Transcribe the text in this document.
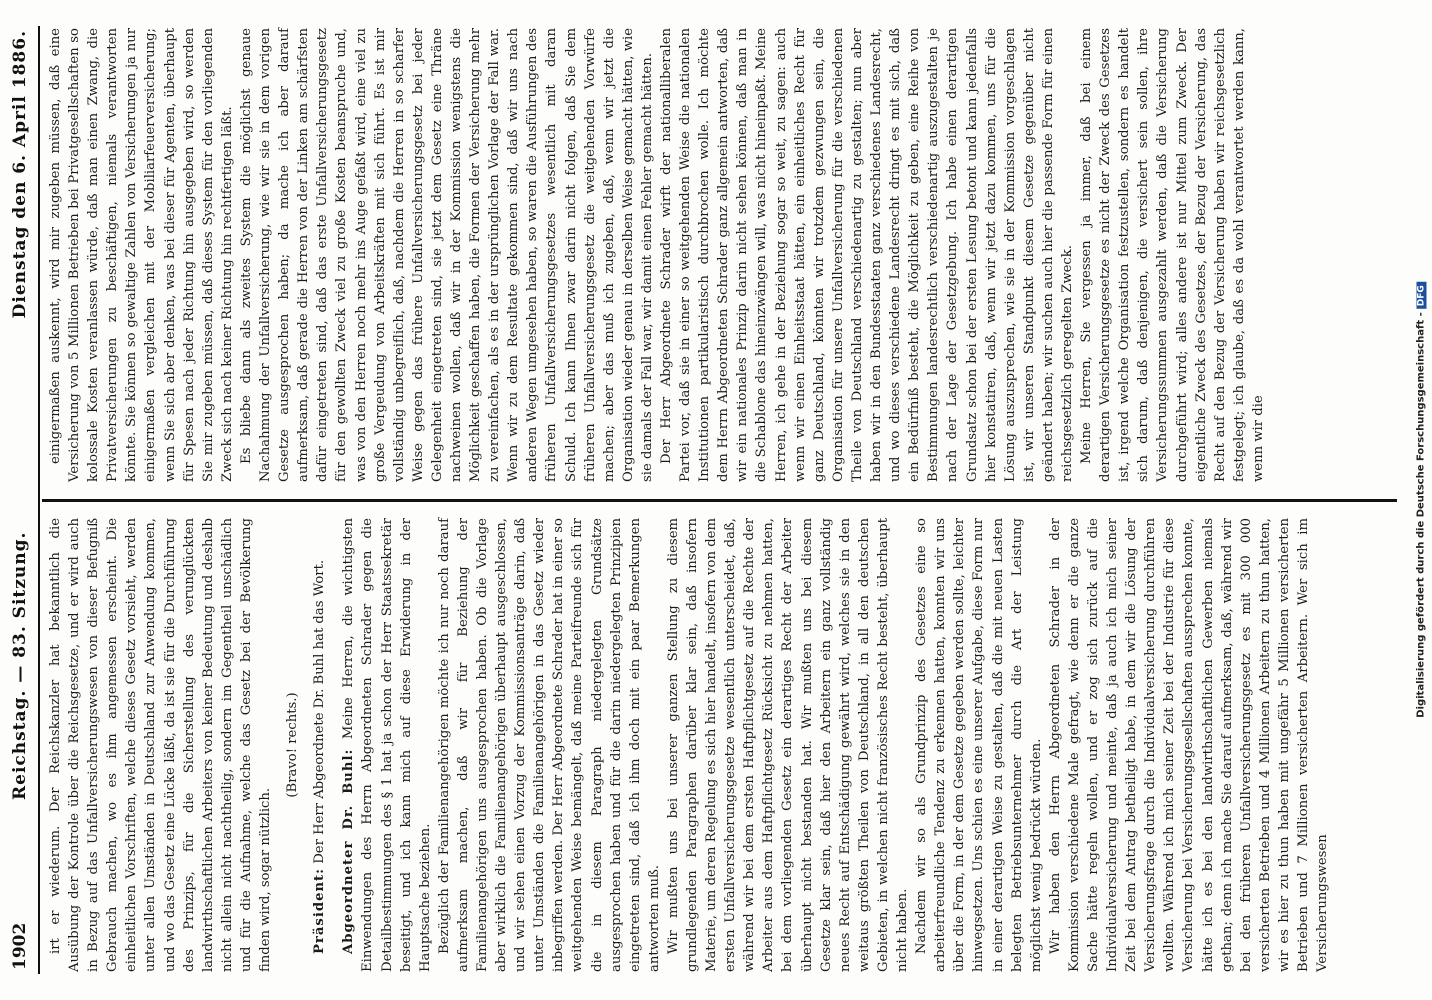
1902
Reichstag. — 83. Sitzung.
Dienstag den 6. April 1886.

irt er wiederum. Der Reichskanzler hat bekanntlich die Ausübung der Kontrole über die Reichsgesetze, und er wird auch in Bezug auf das Unfallversicherungswesen von dieser Befugniß Gebrauch machen, wo es ihm angemessen erscheint. Die einheitlichen Vorschriften, welche dieses Gesetz vorsieht, werden unter allen Umständen in Deutschland zur Anwendung kommen, und wo das Gesetz eine Lücke läßt, da ist sie für die Durchführung des Prinzips, für die Sicherstellung des verunglückten landwirthschaftlichen Arbeiters von keiner Bedeutung und deshalb nicht allein nicht nachtheilig, sondern im Gegentheil unschädlich und für die Aufnahme, welche das Gesetz bei der Bevölkerung finden wird, sogar nützlich.

(Bravo! rechts.)

Präsident: Der Herr Abgeordnete Dr. Buhl hat das Wort. Abgeordneter Dr. Buhl: Meine Herren, die wichtigsten Einwendungen des Herrn Abgeordneten Schrader gegen die Detailbestimmungen des § 1 hat ja schon der Herr Staatssekretär beseitigt, und ich kann mich auf diese Erwiderung in der Hauptsache beziehen. Bezüglich der Familienangehörigen möchte ich nur noch darauf aufmerksam machen, daß wir für Beziehung der Familienangehörigen uns ausgesprochen haben. Ob die Vorlage aber wirklich die Familienangehörigen überhaupt ausgeschlossen, und wir sehen einen Vorzug der Kommissionsanträge darin, daß unter Umständen die Familienangehörigen in das Gesetz wieder inbegriffen werden. Der Herr Abgeordnete Schrader hat in einer so weitgehenden Weise bemängelt, daß meine Parteifreunde sich für die in diesem Paragraph niedergelegten Grundsätze ausgesprochen haben und für die darin niedergelegten Prinzipien eingetreten sind, daß ich ihm doch mit ein paar Bemerkungen antworten muß. Wir mußten uns bei unserer ganzen Stellung zu diesem grundlegenden Paragraphen darüber klar sein, daß insofern Materie, um deren Regelung es sich hier handelt, insofern von dem ersten Unfallversicherungsgesetze wesentlich unterscheidet, daß, während wir bei dem ersten Haftpflichtgesetz auf die Rechte der Arbeiter aus dem Haftpflichtgesetz Rücksicht zu nehmen hatten, bei dem vorliegenden Gesetz ein derartiges Recht der Arbeiter überhaupt nicht bestanden hat. Wir mußten uns bei diesem Gesetze klar sein, daß hier den Arbeitern ein ganz vollständig neues Recht auf Entschädigung gewährt wird, welches sie in den weitaus größten Theilen von Deutschland, in all den deutschen Gebieten, in welchen nicht französisches Recht besteht, überhaupt nicht haben. Nachdem wir so als Grundprinzip des Gesetzes eine so arbeiterfreundliche Tendenz zu erkennen hatten, konnten wir uns über die Form, in der dem Gesetze gegeben werden sollte, leichter hinwegsetzen. Uns schien es eine unserer Aufgabe, diese Form nur in einer derartigen Weise zu gestalten, daß die mit neuen Lasten belegten Betriebsunternehmer durch die Art der Leistung möglichst wenig bedrückt würden. Wir haben den Herrn Abgeordneten Schrader in der Kommission verschiedene Male gefragt, wie denn er die ganze Sache hätte regeln wollen, und er zog sich zurück auf die Individualversicherung und meinte, daß ja auch ich mich seiner Zeit bei dem Antrag betheiligt habe, in dem wir die Lösung der Versicherungsfrage durch die Individualversicherung durchführen wollten. Während ich mich seiner Zeit bei der Industrie für diese Versicherung bei Versicherungsgesellschaften aussprechen konnte, hätte ich es bei den landwirthschaftlichen Gewerben niemals gethan; denn ich mache Sie darauf aufmerksam, daß, während wir bei den früheren Unfallversicherungsgesetz es mit 300 000 versicherten Betrieben und 4 Millionen Arbeitern zu thun hatten, wir es hier zu thun haben mit ungefähr 5 Millionen versicherten Betrieben und 7 Millionen versicherten Arbeitern. Wer sich im Versicherungswesen

einigermaßen auskennt, wird mir zugeben müssen, daß eine Versicherung von 5 Millionen Betrieben bei Privatgesellschaften so kolossale Kosten veranlassen würde, daß man einen Zwang, die Privatversicherungen zu beschäftigen, niemals verantworten könnte. Sie können so gewaltige Zahlen von Versicherungen ja nur einigermaßen vergleichen mit der Mobiliarfeuerversicherung; wenn Sie sich aber denken, was bei dieser für Agenten, überhaupt für Spesen nach jeder Richtung hin ausgegeben wird, so werden Sie mir zugeben müssen, daß dieses System für den vorliegenden Zweck sich nach keiner Richtung hin rechtfertigen läßt. Es bliebe dann als zweites System die möglichst genaue Nachahmung der Unfallversicherung, wie wir sie in dem vorigen Gesetze ausgesprochen haben; da mache ich aber darauf aufmerksam, daß gerade die Herren von der Linken am schärfsten dafür eingetreten sind, daß das erste Unfallversicherungsgesetz für den gewollten Zweck viel zu große Kosten beanspruche und, was von den Herren noch mehr ins Auge gefaßt wird, eine viel zu große Vergeudung von Arbeitskräften mit sich führt. Es ist mir vollständig unbegreiflich, daß, nachdem die Herren in so scharfer Weise gegen das frühere Unfallversicherungsgesetz bei jeder Gelegenheit eingetreten sind, sie jetzt dem Gesetz eine Thräne nachweinen wollen, daß wir in der Kommission wenigstens die Möglichkeit geschaffen haben, die Formen der Versicherung mehr zu vereinfachen, als es in der ursprünglichen Vorlage der Fall war. Wenn wir zu dem Resultate gekommen sind, daß wir uns nach anderen Wegen umgesehen haben, so waren die Ausführungen des früheren Unfallversicherungsgesetzes wesentlich mit daran Schuld. Ich kann Ihnen zwar darin nicht folgen, daß Sie dem früheren Unfallversicherungsgesetz die weitgehenden Vorwürfe machen; aber das muß ich zugeben, daß, wenn wir jetzt die Organisation wieder genau in derselben Weise gemacht hätten, wie sie damals der Fall war, wir damit einen Fehler gemacht hätten. Der Herr Abgeordnete Schrader wirft der nationalliberalen Partei vor, daß sie in einer so weitgehenden Weise die nationalen Institutionen partikularistisch durchbrochen wolle. Ich möchte dem Herrn Abgeordneten Schrader ganz allgemein antworten, daß wir ein nationales Prinzip darin nicht sehen können, daß man in die Schablone das hineinzwängen will, was nicht hineinpaßt. Meine Herren, ich gehe in der Beziehung sogar so weit, zu sagen: auch wenn wir einen Einheitsstaat hätten, ein einheitliches Recht für ganz Deutschland, könnten wir trotzdem gezwungen sein, die Organisation für unsere Unfallversicherung für die verschiedenen Theile von Deutschland verschiedenartig zu gestalten; nun aber haben wir in den Bundesstaaten ganz verschiedenes Landesrecht, und wo dieses verschiedene Landesrecht dringt es mit sich, daß ein Bedürfniß besteht, die Möglichkeit zu geben, eine Reihe von Bestimmungen landesrechtlich verschiedenartig auszugestalten je nach der Lage der Gesetzgebung. Ich habe einen derartigen Grundsatz schon bei der ersten Lesung betont und kann jedenfalls hier konstatiren, daß, wenn wir jetzt dazu kommen, uns für die Lösung auszusprechen, wie sie in der Kommission vorgeschlagen ist, wir unseren Standpunkt diesem Gesetze gegenüber nicht geändert haben; wir suchen auch hier die passende Form für einen reichsgesetzlich geregelten Zweck. Meine Herren, Sie vergessen ja immer, daß bei einem derartigen Versicherungsgesetze es nicht der Zweck des Gesetzes ist, irgend welche Organisation festzustellen, sondern es handelt sich darum, daß denjenigen, die versichert sein sollen, ihre Versicherungssummen ausgezahlt werden, daß die Versicherung durchgeführt wird; alles andere ist nur Mittel zum Zweck. Der eigentliche Zweck des Gesetzes, der Bezug der Versicherung, das Recht auf den Bezug der Versicherung haben wir reichsgesetzlich festgelegt; ich glaube, daß es da wohl verantwortet werden kann, wenn wir die	Digitalisierung gefördert durch die Deutsche Forschungsgemeinschaft -DFG
